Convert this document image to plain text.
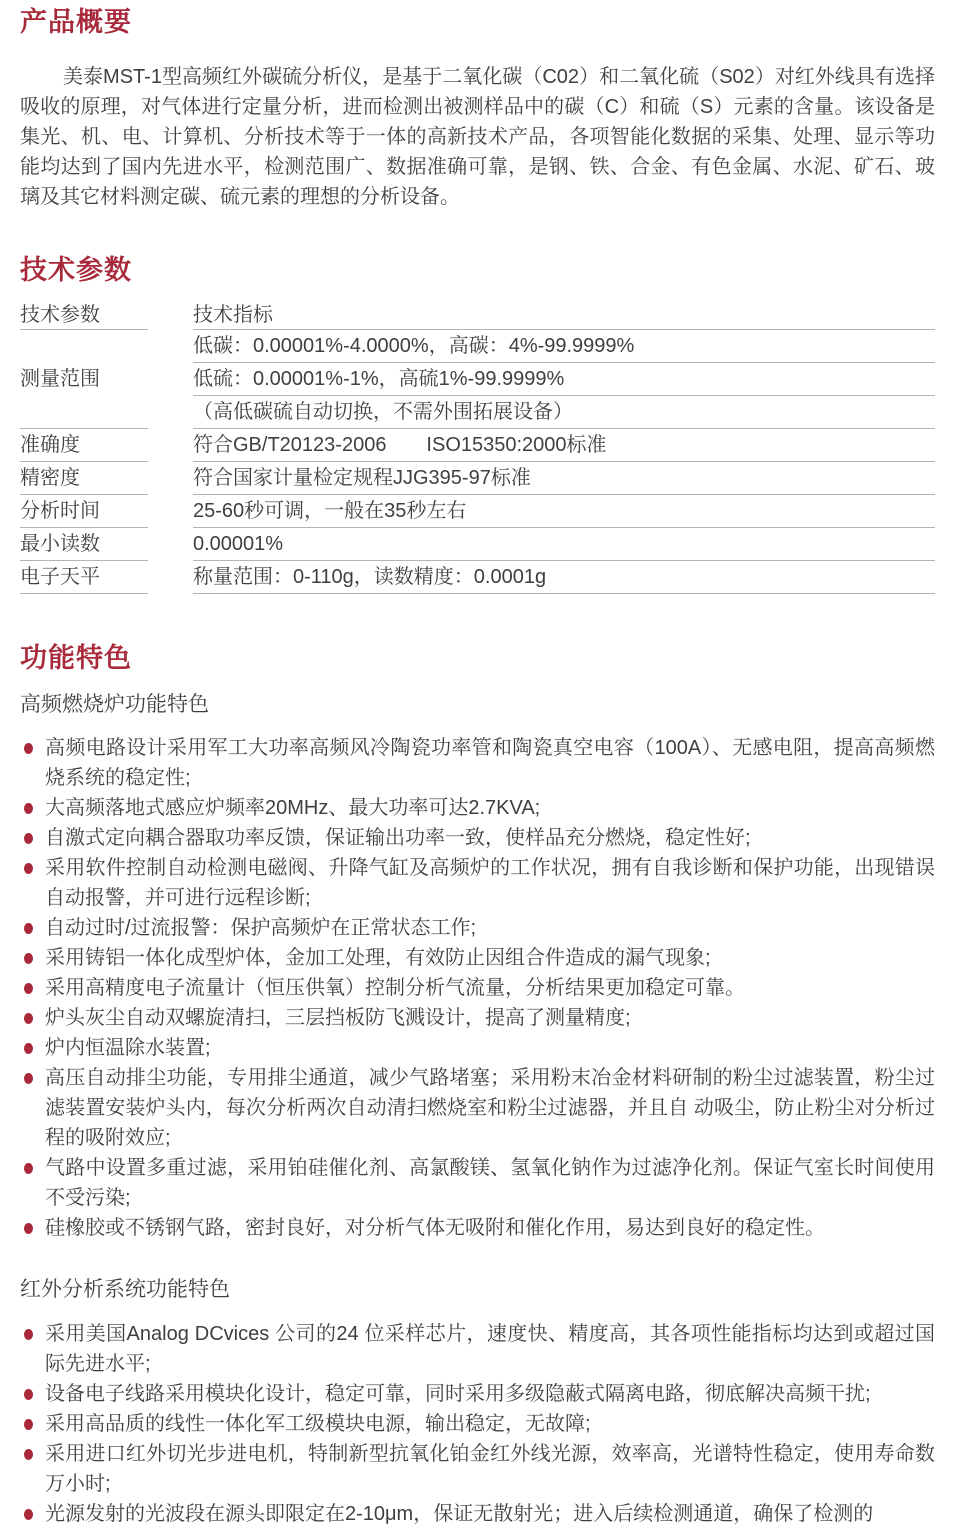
产品概要

美泰MST-1型高频红外碳硫分析仪，是基于二氧化碳（C02）和二氧化硫（S02）对红外线具有选择吸收的原理，对气体进行定量分析，进而检测出被测样品中的碳（C）和硫（S）元素的含量。该设备是集光、机、电、计算机、分析技术等于一体的高新技术产品，各项智能化数据的采集、处理、显示等功能均达到了国内先进水平，检测范围广、数据准确可靠，是钢、铁、合金、有色金属、水泥、矿石、玻璃及其它材料测定碳、硫元素的理想的分析设备。

技术参数
技术参数		技术指标
测量范围		低碳：0.00001%-4.0000%，高碳：4%-99.9999%
		低硫：0.00001%-1%，高硫1%-99.9999%
		（高低碳硫自动切换，不需外围拓展设备）
准确度		符合GB/T20123-2006　　ISO15350:2000标准
精密度		符合国家计量检定规程JJG395-97标准
分析时间		25-60秒可调，一般在35秒左右
最小读数		0.00001%
电子天平		称量范围：0-110g，读数精度：0.0001g
功能特色
高频燃烧炉功能特色
高频电路设计采用军工大功率高频风冷陶瓷功率管和陶瓷真空电容（100A）、无感电阻，提高高频燃烧系统的稳定性;
大高频落地式感应炉频率20MHz、最大功率可达2.7KVA;
自激式定向耦合器取功率反馈，保证输出功率一致，使样品充分燃烧，稳定性好;
采用软件控制自动检测电磁阀、升降气缸及高频炉的工作状况，拥有自我诊断和保护功能，出现错误自动报警，并可进行远程诊断;
自动过时/过流报警：保护高频炉在正常状态工作;
采用铸铝一体化成型炉体，金加工处理，有效防止因组合件造成的漏气现象;
采用高精度电子流量计（恒压供氧）控制分析气流量，分析结果更加稳定可靠。
炉头灰尘自动双螺旋清扫，三层挡板防飞溅设计，提高了测量精度;
炉内恒温除水装置;
高压自动排尘功能，专用排尘通道，减少气路堵塞；采用粉末冶金材料研制的粉尘过滤装置，粉尘过滤装置安装炉头内，每次分析两次自动清扫燃烧室和粉尘过滤器，并且自 动吸尘，防止粉尘对分析过程的吸附效应;
气路中设置多重过滤，采用铂硅催化剂、高氯酸镁、氢氧化钠作为过滤净化剂。保证气室长时间使用不受污染;
硅橡胶或不锈钢气路，密封良好，对分析气体无吸附和催化作用，易达到良好的稳定性。
红外分析系统功能特色
采用美国Analog DCvices 公司的24 位采样芯片，速度快、精度高，其各项性能指标均达到或超过国际先进水平;
设备电子线路采用模块化设计，稳定可靠，同时采用多级隐蔽式隔离电路，彻底解决高频干扰;
采用高品质的线性一体化军工级模块电源，输出稳定，无故障;
采用进口红外切光步进电机，特制新型抗氧化铂金红外线光源，效率高，光谱特性稳定，使用寿命数万小时;
光源发射的光波段在源头即限定在2-10μm，保证无散射光；进入后续检测通道，确保了检测的
